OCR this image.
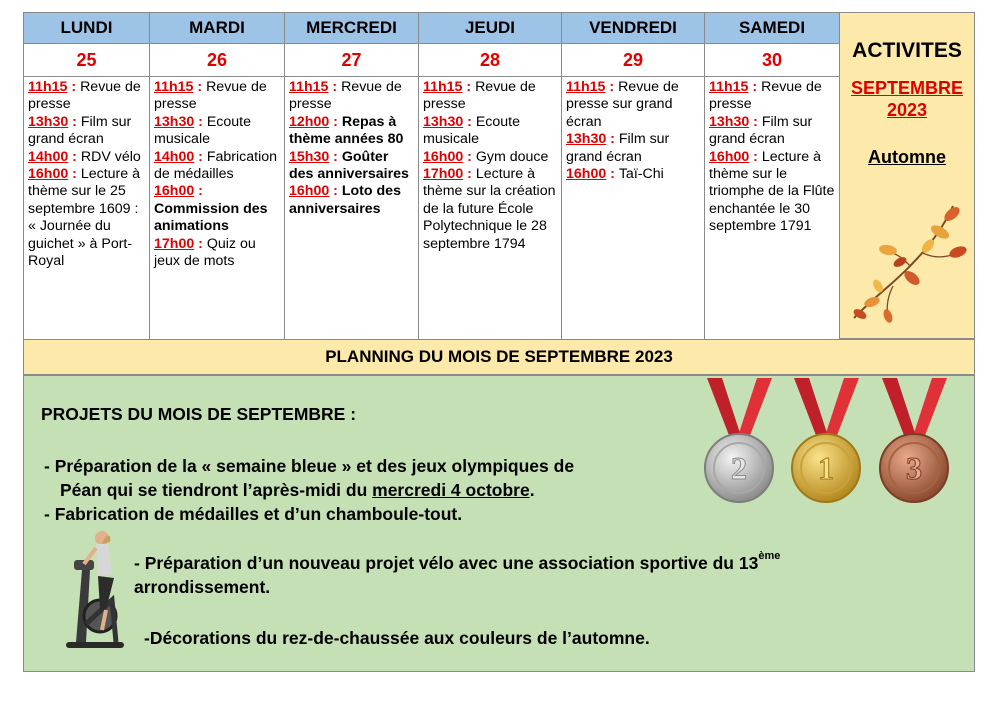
LUNDI	MARDI	MERCREDI	JEUDI	VENDREDI	SAMEDI
25	26	27	28	29	30

11h15 : Revue de presse
13h30 : Film sur grand écran
14h00 : RDV vélo
16h00 : Lecture à thème sur le 25 septembre 1609 : « Journée du guichet » à Port-Royal	11h15 : Revue de presse
13h30 : Ecoute musicale
14h00 : Fabrication de médailles
16h00 : Commission des animations
17h00 : Quiz ou jeux de mots	11h15 : Revue de presse
12h00 : Repas à thème années 80
15h30 : Goûter des anniversaires
16h00 : Loto des anniversaires	11h15 : Revue de presse
13h30 : Ecoute musicale
16h00 : Gym douce
17h00 : Lecture à thème sur la création de la future École Polytechnique le 28 septembre 1794	11h15 : Revue de presse sur grand écran
13h30 : Film sur grand écran
16h00 : Taï-Chi	11h15 : Revue de presse
13h30 : Film sur grand écran
16h00 : Lecture à thème sur le triomphe de la Flûte enchantée le 30 septembre 1791
ACTIVITES
SEPTEMBRE 2023
Automne
PLANNING DU MOIS DE SEPTEMBRE 2023
PROJETS DU MOIS DE SEPTEMBRE :
- Préparation de la « semaine bleue » et des jeux olympiques de
Péan qui se tiendront l’après-midi du mercredi 4 octobre.
- Fabrication de médailles et d’un chamboule-tout.
- Préparation d’un nouveau projet vélo avec une association sportive du 13ème
arrondissement.
-Décorations du rez-de-chaussée aux couleurs de l’automne.
2 1 3
